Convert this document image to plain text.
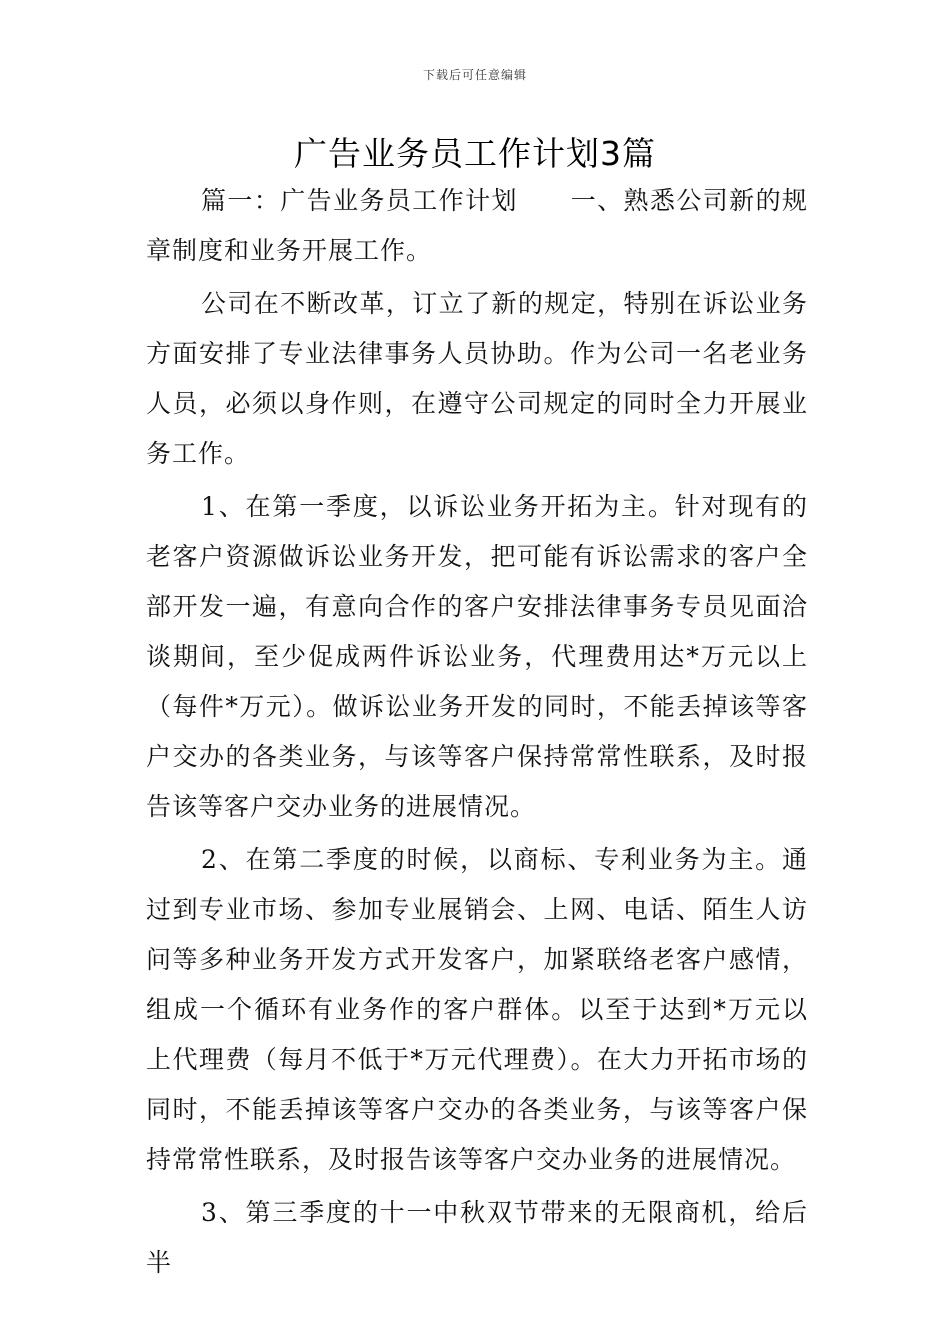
下载后可任意编辑
广告业务员工作计划3篇

篇一：广告业务员工作计划　　一、熟悉公司新的规章制度和业务开展工作。

公司在不断改革，订立了新的规定，特别在诉讼业务方面安排了专业法律事务人员协助。作为公司一名老业务人员，必须以身作则，在遵守公司规定的同时全力开展业务工作。

1、在第一季度，以诉讼业务开拓为主。针对现有的老客户资源做诉讼业务开发，把可能有诉讼需求的客户全部开发一遍，有意向合作的客户安排法律事务专员见面洽谈期间，至少促成两件诉讼业务，代理费用达*万元以上（每件*万元）。做诉讼业务开发的同时，不能丢掉该等客户交办的各类业务，与该等客户保持常常性联系，及时报告该等客户交办业务的进展情况。

2、在第二季度的时候，以商标、专利业务为主。通过到专业市场、参加专业展销会、上网、电话、陌生人访问等多种业务开发方式开发客户，加紧联络老客户感情，组成一个循环有业务作的客户群体。以至于达到*万元以上代理费（每月不低于*万元代理费）。在大力开拓市场的同时，不能丢掉该等客户交办的各类业务，与该等客户保持常常性联系，及时报告该等客户交办业务的进展情况。

3、第三季度的十一中秋双节带来的无限商机，给后半
